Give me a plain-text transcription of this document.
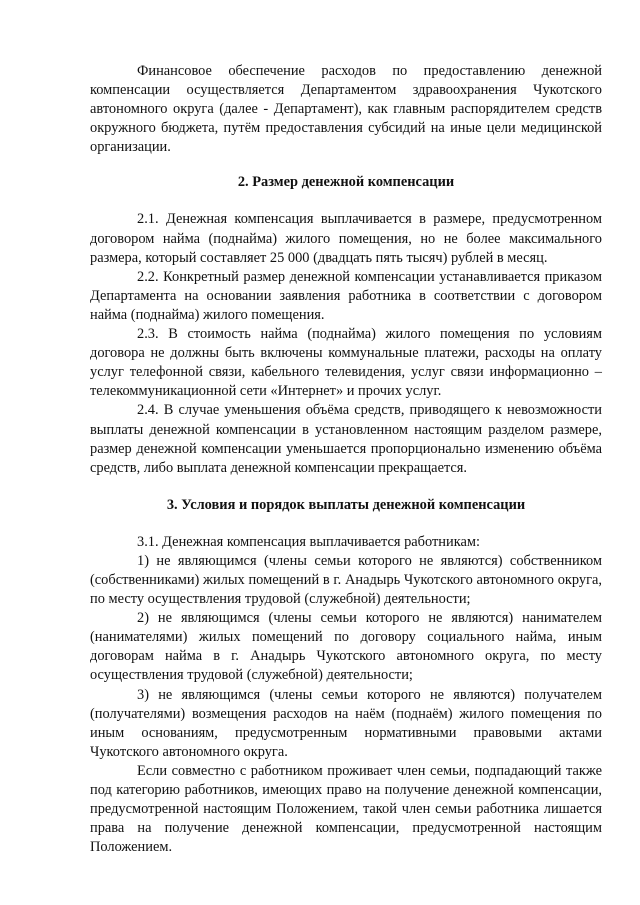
Финансовое обеспечение расходов по предоставлению денежной компенсации осуществляется Департаментом здравоохранения Чукотского автономного округа (далее - Департамент), как главным распорядителем средств окружного бюджета, путём предоставления субсидий на иные цели медицинской организации.

2. Размер денежной компенсации

2.1. Денежная компенсация выплачивается в размере, предусмотренном договором найма (поднайма) жилого помещения, но не более максимального размера, который составляет 25 000 (двадцать пять тысяч) рублей в месяц.

2.2. Конкретный размер денежной компенсации устанавливается приказом Департамента на основании заявления работника в соответствии с договором найма (поднайма) жилого помещения.

2.3. В стоимость найма (поднайма) жилого помещения по условиям договора не должны быть включены коммунальные платежи, расходы на оплату услуг телефонной связи, кабельного телевидения, услуг связи информационно – телекоммуникационной сети «Интернет» и прочих услуг.

2.4. В случае уменьшения объёма средств, приводящего к невозможности выплаты денежной компенсации в установленном настоящим разделом размере, размер денежной компенсации уменьшается пропорционально изменению объёма средств, либо выплата денежной компенсации прекращается.

3. Условия и порядок выплаты денежной компенсации

3.1. Денежная компенсация выплачивается работникам:

1) не являющимся (члены семьи которого не являются) собственником (собственниками) жилых помещений в г. Анадырь Чукотского автономного округа, по месту осуществления трудовой (служебной) деятельности;

2) не являющимся (члены семьи которого не являются) нанимателем (нанимателями) жилых помещений по договору социального найма, иным договорам найма в г. Анадырь Чукотского автономного округа, по месту осуществления трудовой (служебной) деятельности;

3) не являющимся (члены семьи которого не являются) получателем (получателями) возмещения расходов на наём (поднаём) жилого помещения по иным основаниям, предусмотренным нормативными правовыми актами Чукотского автономного округа.

Если совместно с работником проживает член семьи, подпадающий также под категорию работников, имеющих право на получение денежной компенсации, предусмотренной настоящим Положением, такой член семьи работника лишается права на получение денежной компенсации, предусмотренной настоящим Положением.
